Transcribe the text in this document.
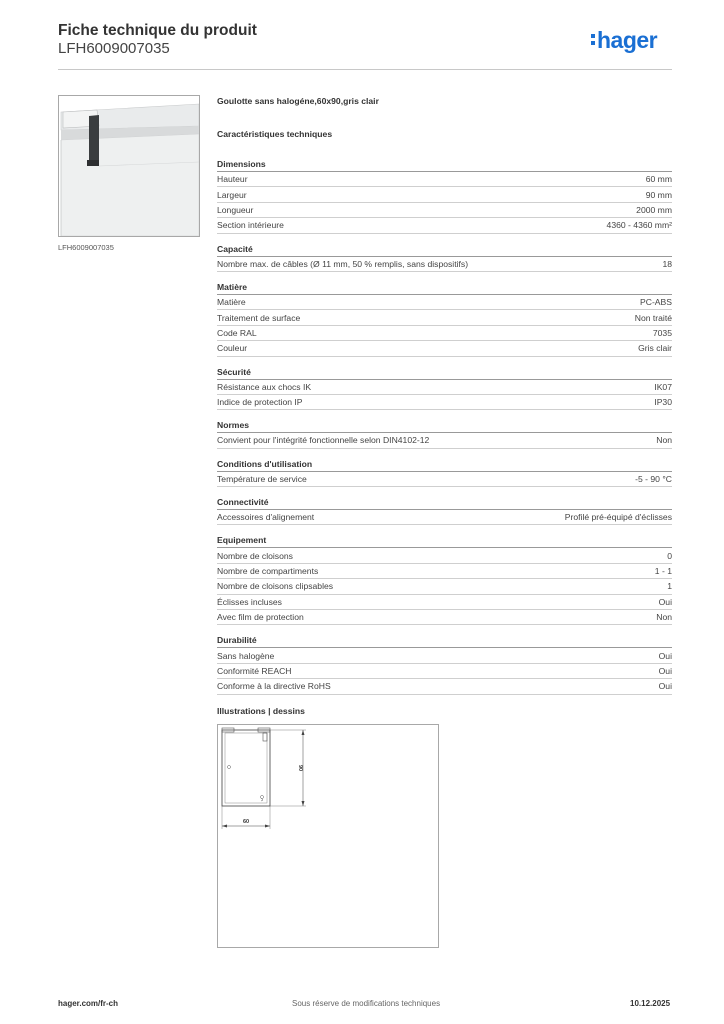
Fiche technique du produit
LFH6009007035	hager
LFH6009007035
Goulotte sans halogéne,60x90,gris clair
Caractéristiques techniques
Dimensions
Hauteur	60 mm
Largeur	90 mm
Longueur	2000 mm
Section intérieure	4360 - 4360 mm²
Capacité
Nombre max. de câbles (Ø 11 mm, 50 % remplis, sans dispositifs)	18
Matière
Matière	PC-ABS
Traitement de surface	Non traité
Code RAL	7035
Couleur	Gris clair
Sécurité
Résistance aux chocs IK	IK07
Indice de protection IP	IP30
Normes
Convient pour l'intégrité fonctionnelle selon DIN4102-12	Non
Conditions d'utilisation
Température de service	-5 - 90 °C
Connectivité
Accessoires d'alignement	Profilé pré-équipé d'éclisses
Equipement
Nombre de cloisons	0
Nombre de compartiments	1 - 1
Nombre de cloisons clipsables	1
Éclisses incluses	Oui
Avec film de protection	Non
Durabilité
Sans halogène	Oui
Conformité REACH	Oui
Conforme à la directive RoHS	Oui
Illustrations | dessins
60
90
hager.com/fr-ch	Sous réserve de modifications techniques	10.12.2025
